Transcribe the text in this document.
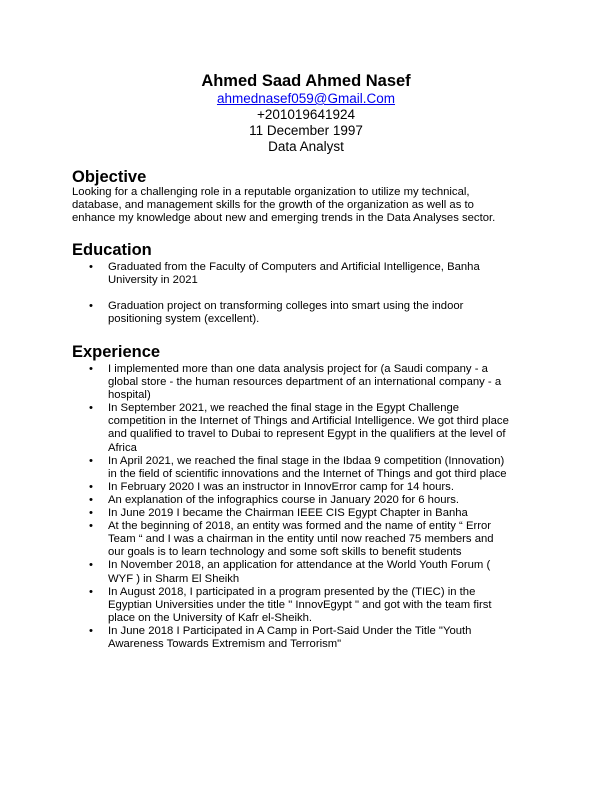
Ahmed Saad Ahmed Nasef
ahmednasef059@Gmail.Com
+201019641924
11 December 1997
Data Analyst
Objective
Looking for a challenging role in a reputable organization to utilize my technical,
database, and management skills for the growth of the organization as well as to
enhance my knowledge about new and emerging trends in the Data Analyses sector.
Education
• Graduated from the Faculty of Computers and Artificial Intelligence, Banha
University in 2021
• Graduation project on transforming colleges into smart using the indoor
positioning system (excellent).
Experience
• I implemented more than one data analysis project for (a Saudi company - a
global store - the human resources department of an international company - a
hospital)
• In September 2021, we reached the final stage in the Egypt Challenge
competition in the Internet of Things and Artificial Intelligence. We got third place
and qualified to travel to Dubai to represent Egypt in the qualifiers at the level of
Africa
• In April 2021, we reached the final stage in the Ibdaa 9 competition (Innovation)
in the field of scientific innovations and the Internet of Things and got third place
• In February 2020 I was an instructor in InnovError camp for 14 hours.
• An explanation of the infographics course in January 2020 for 6 hours.
• In June 2019 I became the Chairman IEEE CIS Egypt Chapter in Banha
• At the beginning of 2018, an entity was formed and the name of entity “ Error
Team “ and I was a chairman in the entity until now reached 75 members and
our goals is to learn technology and some soft skills to benefit students
• In November 2018, an application for attendance at the World Youth Forum (
WYF ) in Sharm El Sheikh
• In August 2018, I participated in a program presented by the (TIEC) in the
Egyptian Universities under the title " InnovEgypt " and got with the team first
place on the University of Kafr el-Sheikh.
• In June 2018 I Participated in A Camp in Port-Said Under the Title "Youth
Awareness Towards Extremism and Terrorism"
